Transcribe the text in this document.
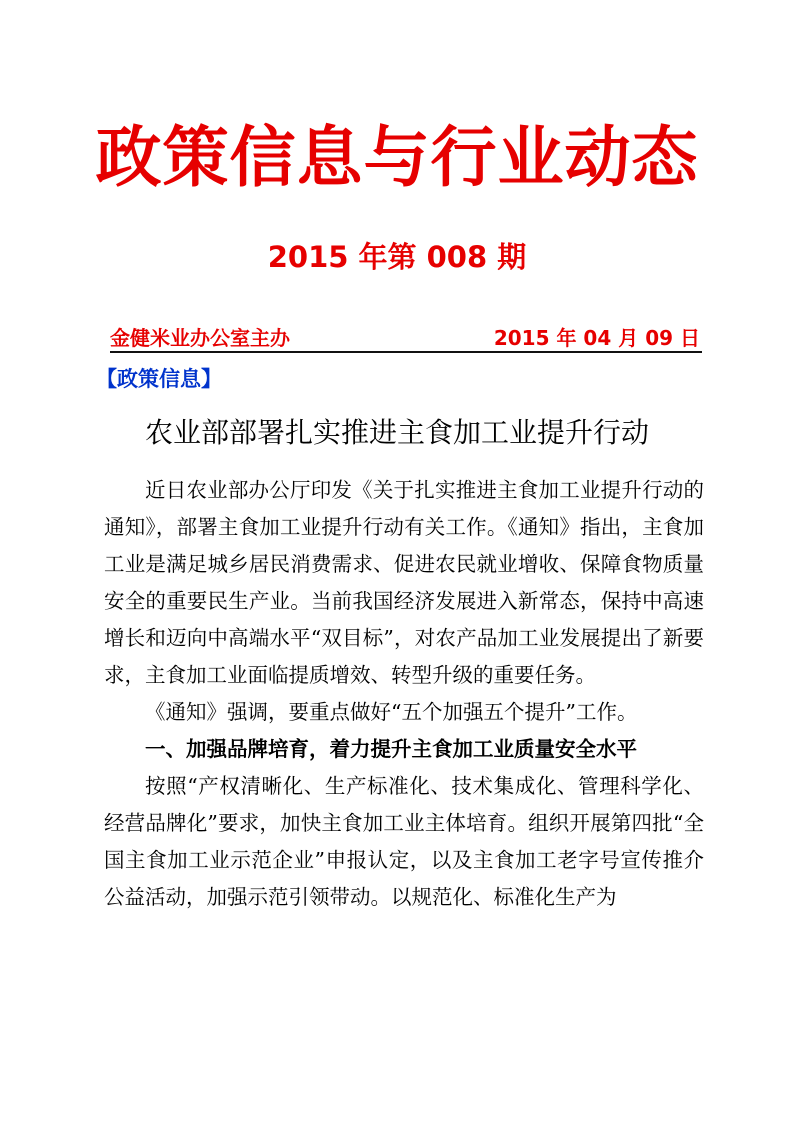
政策信息与行业动态
2015 年第 008 期
金健米业办公室主办	2015 年 04 月 09 日
【政策信息】
农业部部署扎实推进主食加工业提升行动

近日农业部办公厅印发《关于扎实推进主食加工业提升行动的通知》，部署主食加工业提升行动有关工作。《通知》指出，主食加工业是满足城乡居民消费需求、促进农民就业增收、保障食物质量安全的重要民生产业。当前我国经济发展进入新常态，保持中高速增长和迈向中高端水平“双目标”，对农产品加工业发展提出了新要求，主食加工业面临提质增效、转型升级的重要任务。

《通知》强调，要重点做好“五个加强五个提升”工作。

一、加强品牌培育，着力提升主食加工业质量安全水平

按照“产权清晰化、生产标准化、技术集成化、管理科学化、经营品牌化”要求，加快主食加工业主体培育。组织开展第四批“全国主食加工业示范企业”申报认定，以及主食加工老字号宣传推介公益活动，加强示范引领带动。以规范化、标准化生产为
